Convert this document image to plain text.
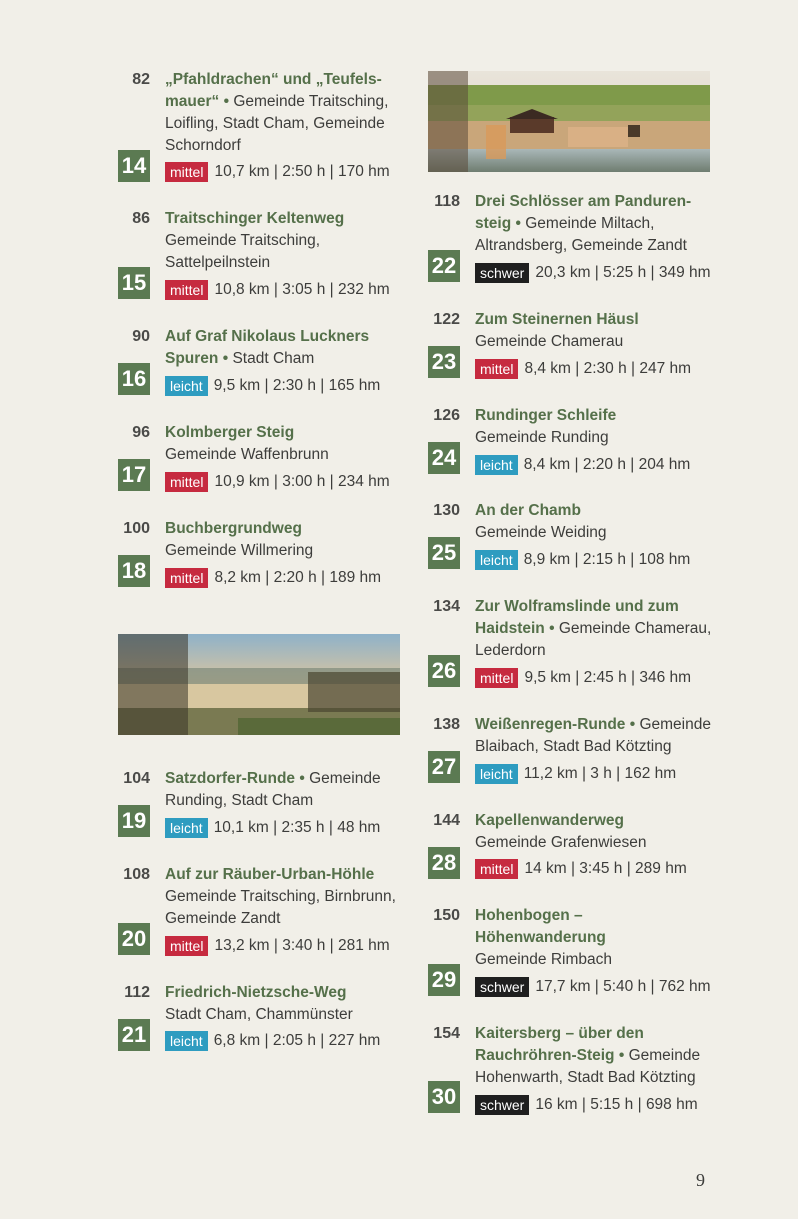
82 „Pfahldrachen“ und „Teufels-
mauer“ • Gemeinde Traitsching,
Loifling, Stadt Cham, Gemeinde
Schorndorf
14	mittel 10,7 km | 2:50 h | 170 hm
86 Traitschinger Keltenweg
Gemeinde Traitsching,
Sattelpeilnstein
15	mittel 10,8 km | 3:05 h | 232 hm
90 Auf Graf Nikolaus Luckners
Spuren • Stadt Cham
16	leicht 9,5 km | 2:30 h | 165 hm
96 Kolmberger Steig
Gemeinde Waffenbrunn
17	mittel 10,9 km | 3:00 h | 234 hm
100 Buchbergrundweg
Gemeinde Willmering
18	mittel 8,2 km | 2:20 h | 189 hm
104 Satzdorfer-Runde • Gemeinde
Runding, Stadt Cham
19	leicht 10,1 km | 2:35 h | 48 hm
108 Auf zur Räuber-Urban-Höhle
Gemeinde Traitsching, Birnbrunn,
Gemeinde Zandt
20	mittel 13,2 km | 3:40 h | 281 hm
112 Friedrich-Nietzsche-Weg
Stadt Cham, Chammünster
21	leicht 6,8 km | 2:05 h | 227 hm
118 Drei Schlösser am Panduren-
steig • Gemeinde Miltach,
Altrandsberg, Gemeinde Zandt
22	schwer 20,3 km | 5:25 h | 349 hm
122 Zum Steinernen Häusl
Gemeinde Chamerau
23	mittel 8,4 km | 2:30 h | 247 hm
126 Rundinger Schleife
Gemeinde Runding
24	leicht 8,4 km | 2:20 h | 204 hm
130 An der Chamb
Gemeinde Weiding
25	leicht 8,9 km | 2:15 h | 108 hm
134 Zur Wolframslinde und zum
Haidstein • Gemeinde Chamerau,
Lederdorn
26	mittel 9,5 km | 2:45 h | 346 hm
138 Weißenregen-Runde • Gemeinde
Blaibach, Stadt Bad Kötzting
27	leicht 11,2 km | 3 h | 162 hm
144 Kapellenwanderweg
Gemeinde Grafenwiesen
28	mittel 14 km | 3:45 h | 289 hm
150 Hohenbogen –
Höhenwanderung
Gemeinde Rimbach
29	schwer 17,7 km | 5:40 h | 762 hm
154 Kaitersberg – über den
Rauchröhren-Steig • Gemeinde
Hohenwarth, Stadt Bad Kötzting
30	schwer 16 km | 5:15 h | 698 hm
9
